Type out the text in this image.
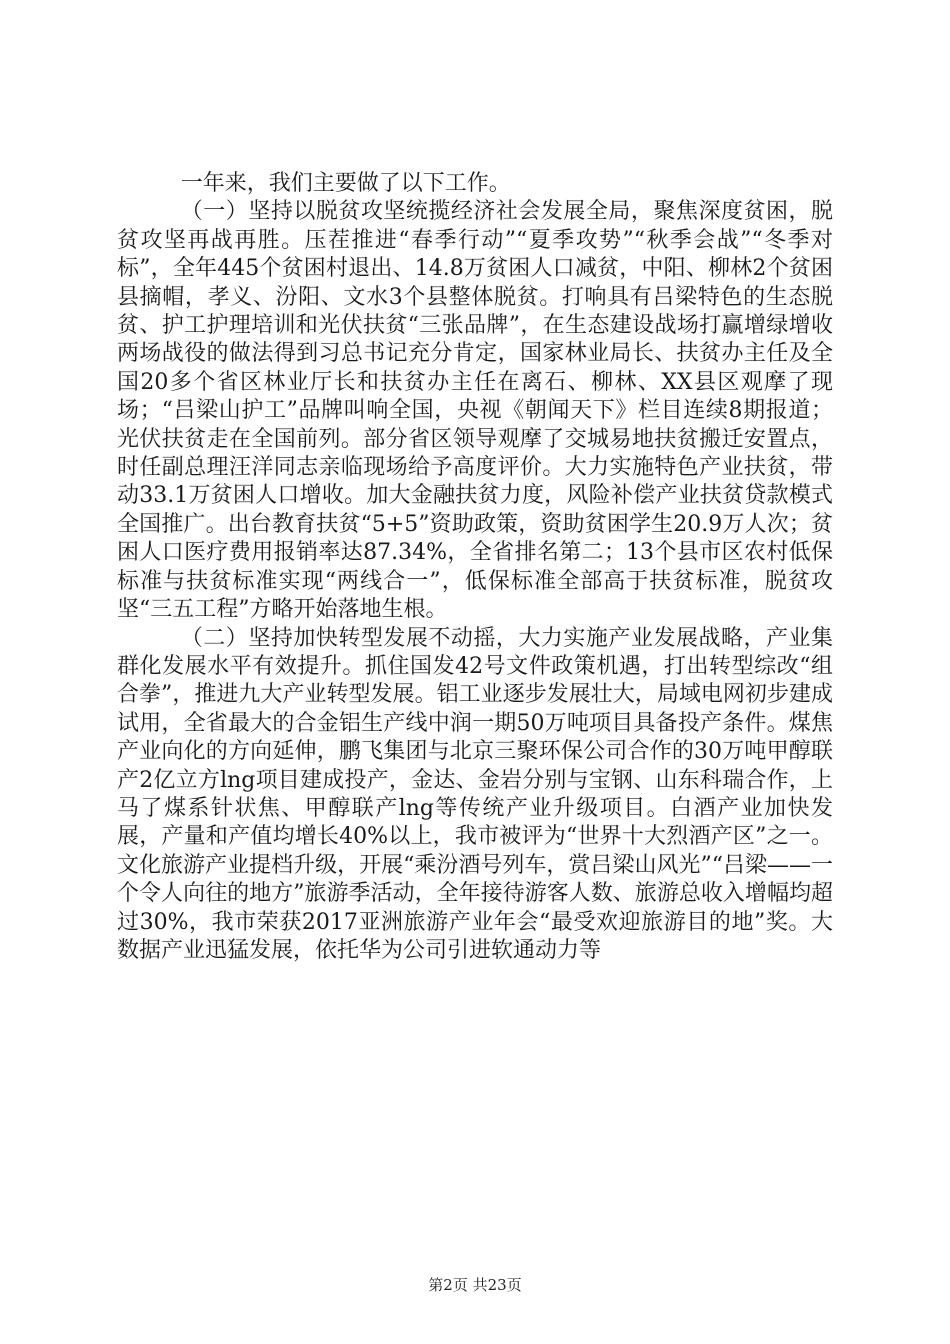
一年来，我们主要做了以下工作。

（一）坚持以脱贫攻坚统揽经济社会发展全局，聚焦深度贫困，脱贫攻坚再战再胜。压茬推进“春季行动”“夏季攻势”“秋季会战”“冬季对标”，全年445个贫困村退出、14.8万贫困人口减贫，中阳、柳林2个贫困县摘帽，孝义、汾阳、文水3个县整体脱贫。打响具有吕梁特色的生态脱贫、护工护理培训和光伏扶贫“三张品牌”，在生态建设战场打赢增绿增收两场战役的做法得到习总书记充分肯定，国家林业局长、扶贫办主任及全国20多个省区林业厅长和扶贫办主任在离石、柳林、XX县区观摩了现场；“吕梁山护工”品牌叫响全国，央视《朝闻天下》栏目连续8期报道；光伏扶贫走在全国前列。部分省区领导观摩了交城易地扶贫搬迁安置点，时任副总理汪洋同志亲临现场给予高度评价。大力实施特色产业扶贫，带动33.1万贫困人口增收。加大金融扶贫力度，风险补偿产业扶贫贷款模式全国推广。出台教育扶贫“5+5”资助政策，资助贫困学生20.9万人次；贫困人口医疗费用报销率达87.34%，全省排名第二；13个县市区农村低保标准与扶贫标准实现“两线合一”，低保标准全部高于扶贫标准，脱贫攻坚“三五工程”方略开始落地生根。

（二）坚持加快转型发展不动摇，大力实施产业发展战略，产业集群化发展水平有效提升。抓住国发42号文件政策机遇，打出转型综改“组合拳”，推进九大产业转型发展。铝工业逐步发展壮大，局域电网初步建成试用，全省最大的合金铝生产线中润一期50万吨项目具备投产条件。煤焦产业向化的方向延伸，鹏飞集团与北京三聚环保公司合作的30万吨甲醇联产2亿立方lng项目建成投产，金达、金岩分别与宝钢、山东科瑞合作，上马了煤系针状焦、甲醇联产lng等传统产业升级项目。白酒产业加快发展，产量和产值均增长40%以上，我市被评为“世界十大烈酒产区”之一。文化旅游产业提档升级，开展“乘汾酒号列车，赏吕梁山风光”“吕梁——一个令人向往的地方”旅游季活动，全年接待游客人数、旅游总收入增幅均超过30%，我市荣获2017亚洲旅游产业年会“最受欢迎旅游目的地”奖。大数据产业迅猛发展，依托华为公司引进软通动力等

第2页 共23页
